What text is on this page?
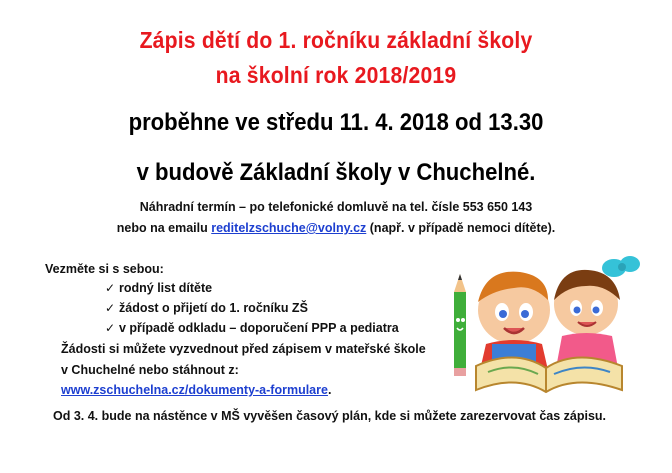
Zápis dětí do 1. ročníku základní školy
na školní rok 2018/2019
proběhne ve středu 11. 4. 2018 od 13.30
v budově Základní školy v Chuchelné.
Náhradní termín – po telefonické domluvě na tel. čísle 553 650 143
nebo na emailu reditelzschuche@volny.cz (např. v případě nemoci dítěte).
Vezměte si s sebou:
✓ rodný list dítěte
✓ žádost o přijetí do 1. ročníku ZŠ
✓ v případě odkladu – doporučení PPP a pediatra
Žádosti si můžete vyzvednout před zápisem v mateřské škole
v Chuchelné nebo stáhnout z:
www.zschuchelna.cz/dokumenty-a-formulare.
Od 3. 4. bude na nástěnce v MŠ vyvěšen časový plán, kde si můžete zarezervovat čas zápisu.
